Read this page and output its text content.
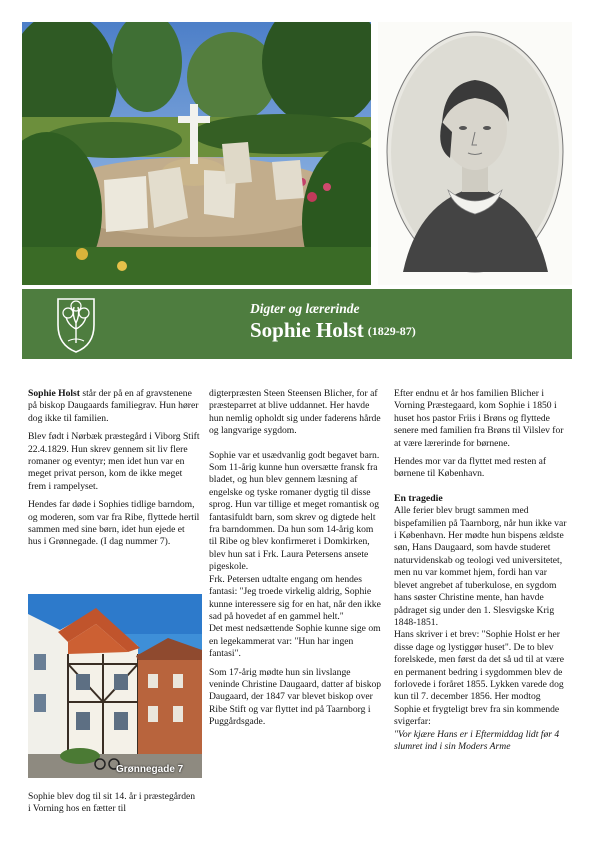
Digter og lærerinde
Sophie Holst (1829-87)

Sophie Holst står der på en af gravstenene på biskop Daugaards familiegrav. Hun hører dog ikke til familien.

Blev født i Nørbæk præstegård i Viborg Stift 22.4.1829. Hun skrev gennem sit liv flere romaner og eventyr; men idet hun var en meget privat person, kom de ikke meget frem i rampelyset.

Hendes far døde i Sophies tidlige barndom, og moderen, som var fra Ribe, flyttede hertil sammen med sine børn, idet hun ejede et hus i Grønnegade. (I dag nummer 7).

Grønnegade 7

Sophie blev dog til sit 14. år i præstegården i Vorning hos en fætter til

digterpræsten Steen Steensen Blicher, for af præsteparret at blive uddannet. Her havde hun nemlig opholdt sig under faderens hårde og langvarige sygdom.

Sophie var et usædvanlig godt begavet barn.

Som 11-årig kunne hun oversætte fransk fra bladet, og hun blev gennem læsning af engelske og tyske romaner dygtig til disse sprog. Hun var tillige et meget romantisk og fantasifuldt barn, som skrev og digtede helt fra barndommen. Da hun som 14-årig kom til Ribe og blev konfirmeret i Domkirken, blev hun sat i Frk. Laura Petersens ansete pigeskole.

Frk. Petersen udtalte engang om hendes fantasi: "Jeg troede virkelig aldrig, Sophie kunne interessere sig for en hat, når den ikke sad på hovedet af en gammel helt."

Det mest nedsættende Sophie kunne sige om en legekammerat var: "Hun har ingen fantasi".

Som 17-årig mødte hun sin livslange veninde Christine Daugaard, datter af biskop Daugaard, der 1847 var blevet biskop over Ribe Stift og var flyttet ind på Taarnborg i Puggårdsgade.

Efter endnu et år hos familien Blicher i Vorning Præstegaard, kom Sophie i 1850 i huset hos pastor Friis i Brøns og flyttede senere med familien fra Brøns til Vilslev for at være lærerinde for børnene.

Hendes mor var da flyttet med resten af børnene til København.

En tragedie

Alle ferier blev brugt sammen med bispefamilien på Taarnborg, når hun ikke var i København. Her mødte hun bispens ældste søn, Hans Daugaard, som havde studeret naturvidenskab og teologi ved universitetet, men nu var kommet hjem, fordi han var blevet angrebet af tuberkulose, en sygdom hans søster Christine mente, han havde pådraget sig under den 1. Slesvigske Krig 1848-1851.

Hans skriver i et brev: "Sophie Holst er her disse dage og lystiggør huset". De to blev forelskede, men først da det så ud til at være en permanent bedring i sygdommen blev de forlovede i foråret 1855. Lykken varede dog kun til 7. december 1856. Her modtog Sophie et frygteligt brev fra sin kommende svigerfar:

"Vor kjære Hans er i Eftermiddag lidt før 4 slumret ind i sin Moders Arme
